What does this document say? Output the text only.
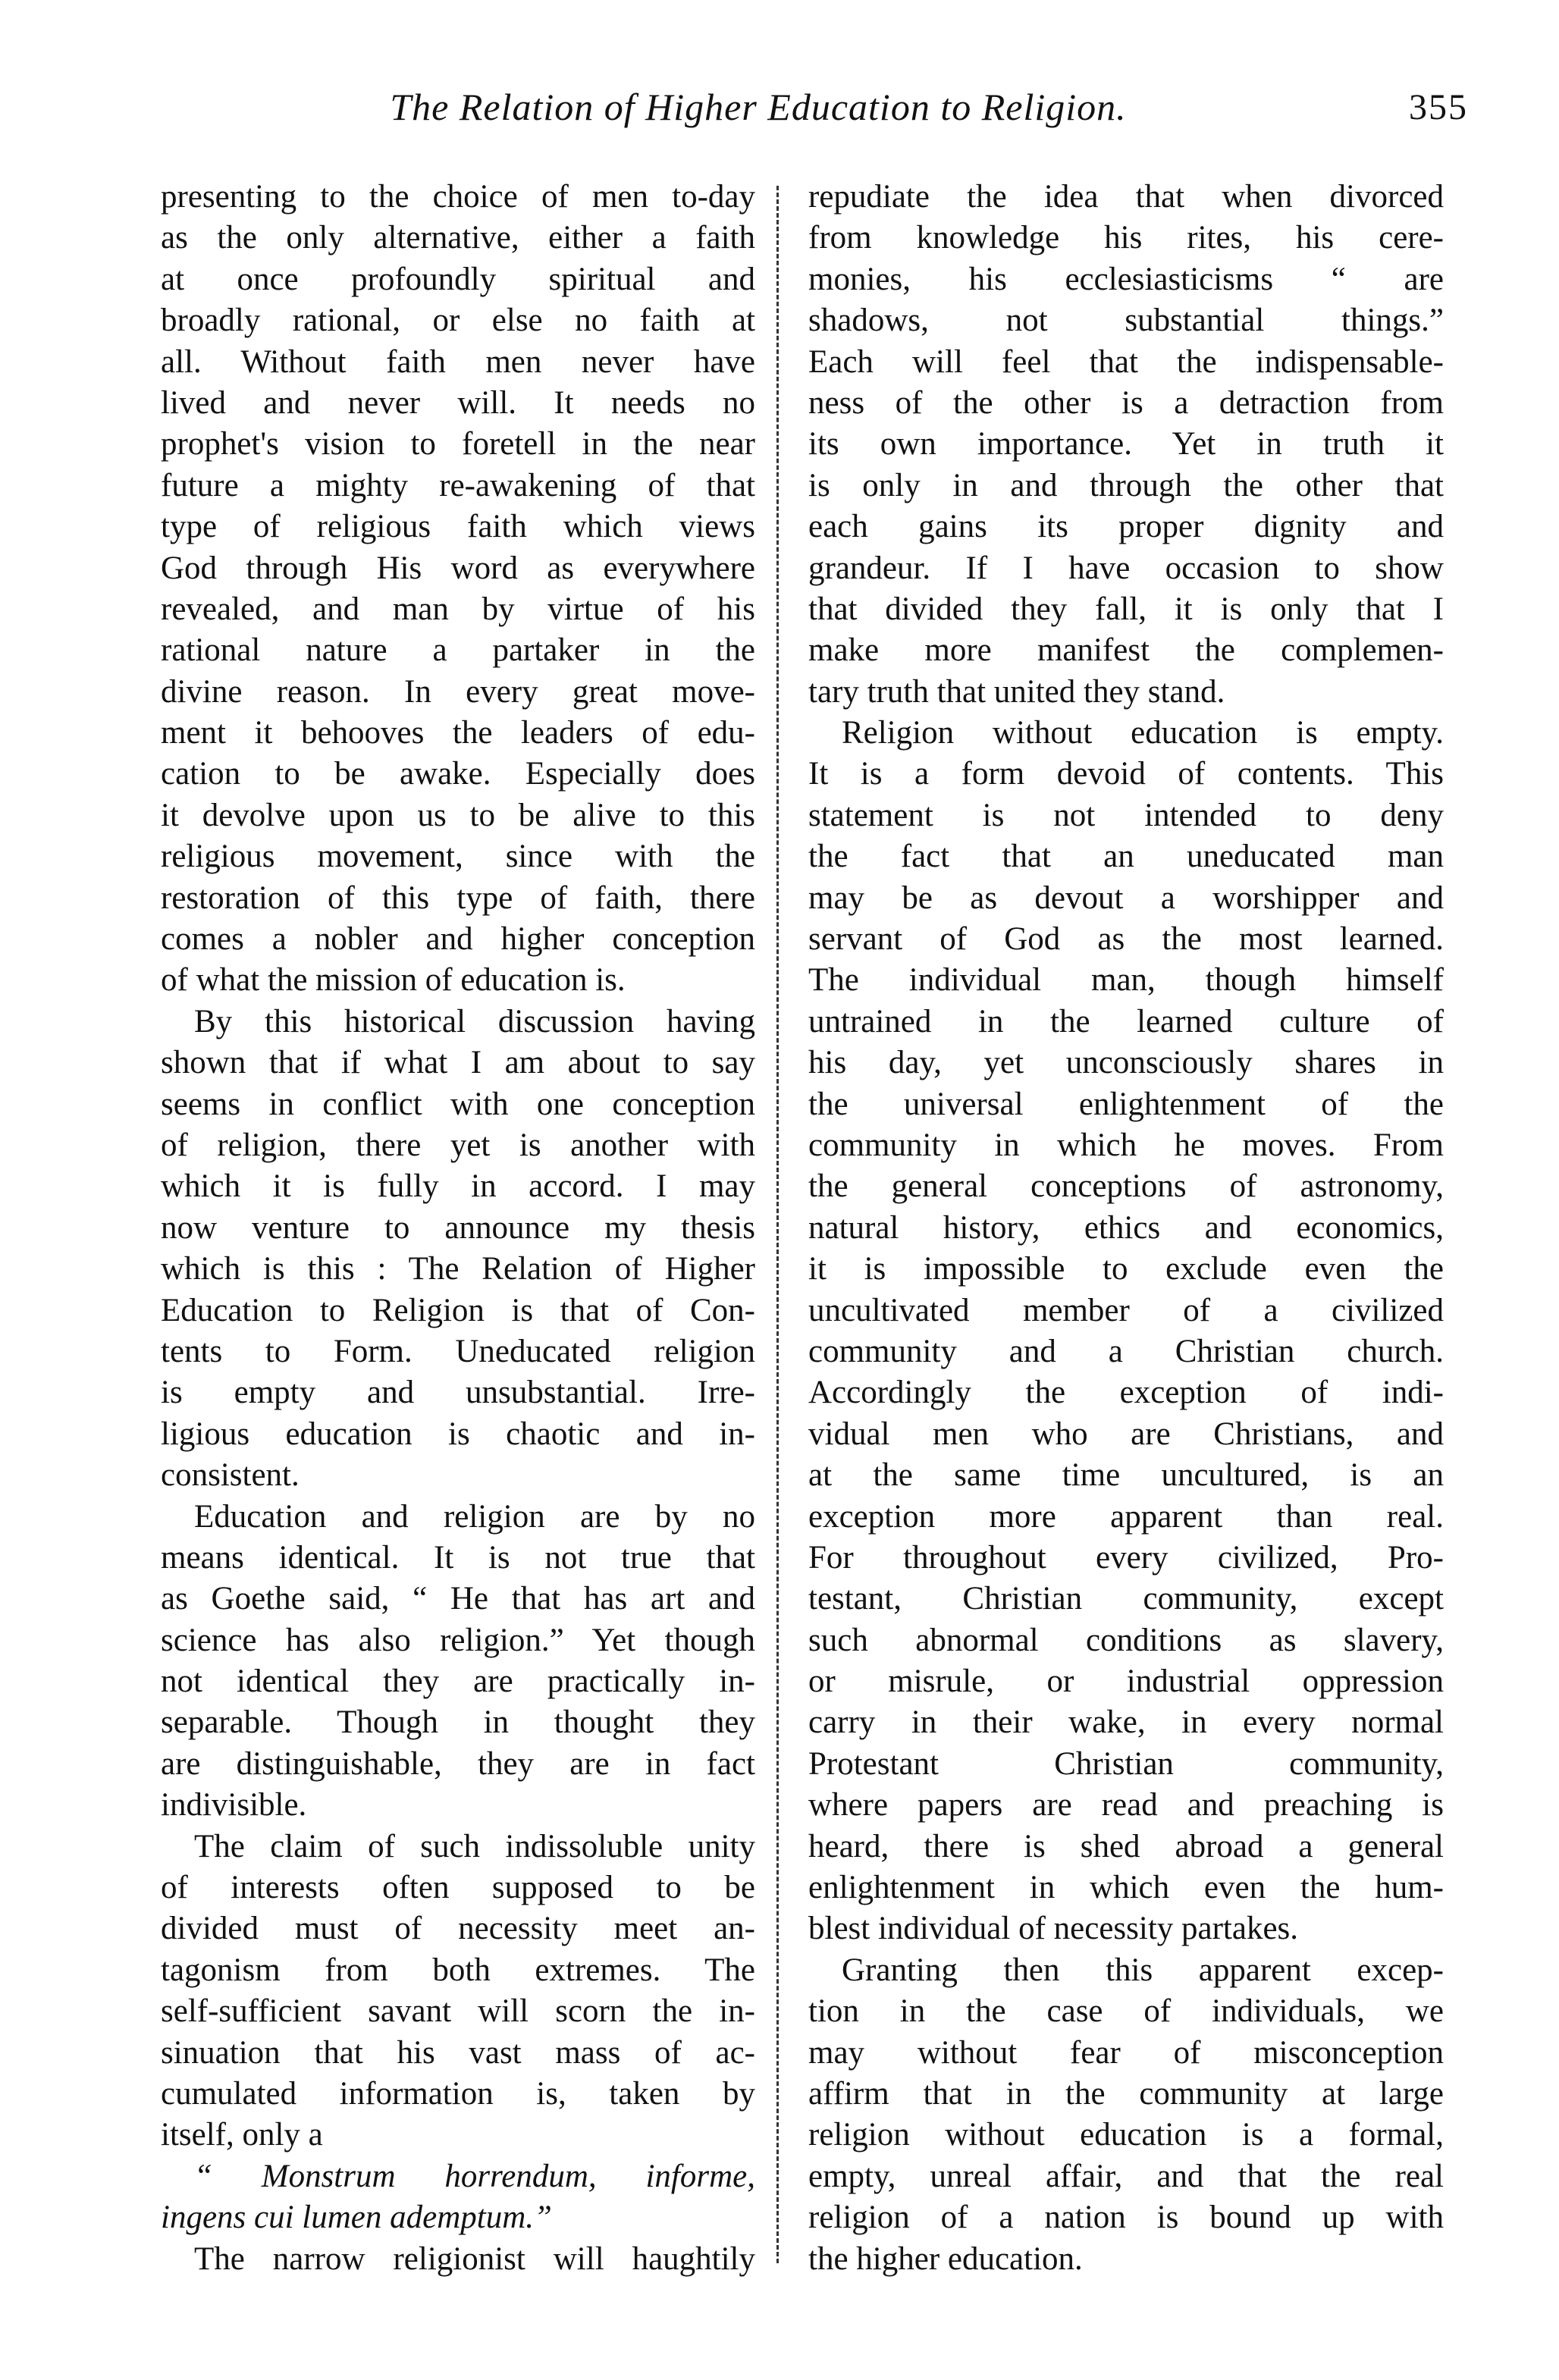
The Relation of Higher Education to Religion.	355
presenting to the choice of men to-day
as the only alternative, either a faith
at once profoundly spiritual and
broadly rational, or else no faith at
all. Without faith men never have
lived and never will. It needs no
prophet's vision to foretell in the near
future a mighty re-awakening of that
type of religious faith which views
God through His word as everywhere
revealed, and man by virtue of his
rational nature a partaker in the
divine reason. In every great move-
ment it behooves the leaders of edu-
cation to be awake. Especially does
it devolve upon us to be alive to this
religious movement, since with the
restoration of this type of faith, there
comes a nobler and higher conception
of what the mission of education is.
By this historical discussion having
shown that if what I am about to say
seems in conflict with one conception
of religion, there yet is another with
which it is fully in accord. I may
now venture to announce my thesis
which is this : The Relation of Higher
Education to Religion is that of Con-
tents to Form. Uneducated religion
is empty and unsubstantial. Irre-
ligious education is chaotic and in-
consistent.
Education and religion are by no
means identical. It is not true that
as Goethe said, “ He that has art and
science has also religion.” Yet though
not identical they are practically in-
separable. Though in thought they
are distinguishable, they are in fact
indivisible.
The claim of such indissoluble unity
of interests often supposed to be
divided must of necessity meet an-
tagonism from both extremes. The
self-sufficient savant will scorn the in-
sinuation that his vast mass of ac-
cumulated information is, taken by
itself, only a
“ Monstrum horrendum, informe,
ingens cui lumen ademptum.”
The narrow religionist will haughtily
repudiate the idea that when divorced
from knowledge his rites, his cere-
monies, his ecclesiasticisms “ are
shadows, not substantial things.”
Each will feel that the indispensable-
ness of the other is a detraction from
its own importance. Yet in truth it
is only in and through the other that
each gains its proper dignity and
grandeur. If I have occasion to show
that divided they fall, it is only that I
make more manifest the complemen-
tary truth that united they stand.
Religion without education is empty.
It is a form devoid of contents. This
statement is not intended to deny
the fact that an uneducated man
may be as devout a worshipper and
servant of God as the most learned.
The individual man, though himself
untrained in the learned culture of
his day, yet unconsciously shares in
the universal enlightenment of the
community in which he moves. From
the general conceptions of astronomy,
natural history, ethics and economics,
it is impossible to exclude even the
uncultivated member of a civilized
community and a Christian church.
Accordingly the exception of indi-
vidual men who are Christians, and
at the same time uncultured, is an
exception more apparent than real.
For throughout every civilized, Pro-
testant, Christian community, except
such abnormal conditions as slavery,
or misrule, or industrial oppression
carry in their wake, in every normal
Protestant Christian community,
where papers are read and preaching is
heard, there is shed abroad a general
enlightenment in which even the hum-
blest individual of necessity partakes.
Granting then this apparent excep-
tion in the case of individuals, we
may without fear of misconception
affirm that in the community at large
religion without education is a formal,
empty, unreal affair, and that the real
religion of a nation is bound up with
the higher education.
